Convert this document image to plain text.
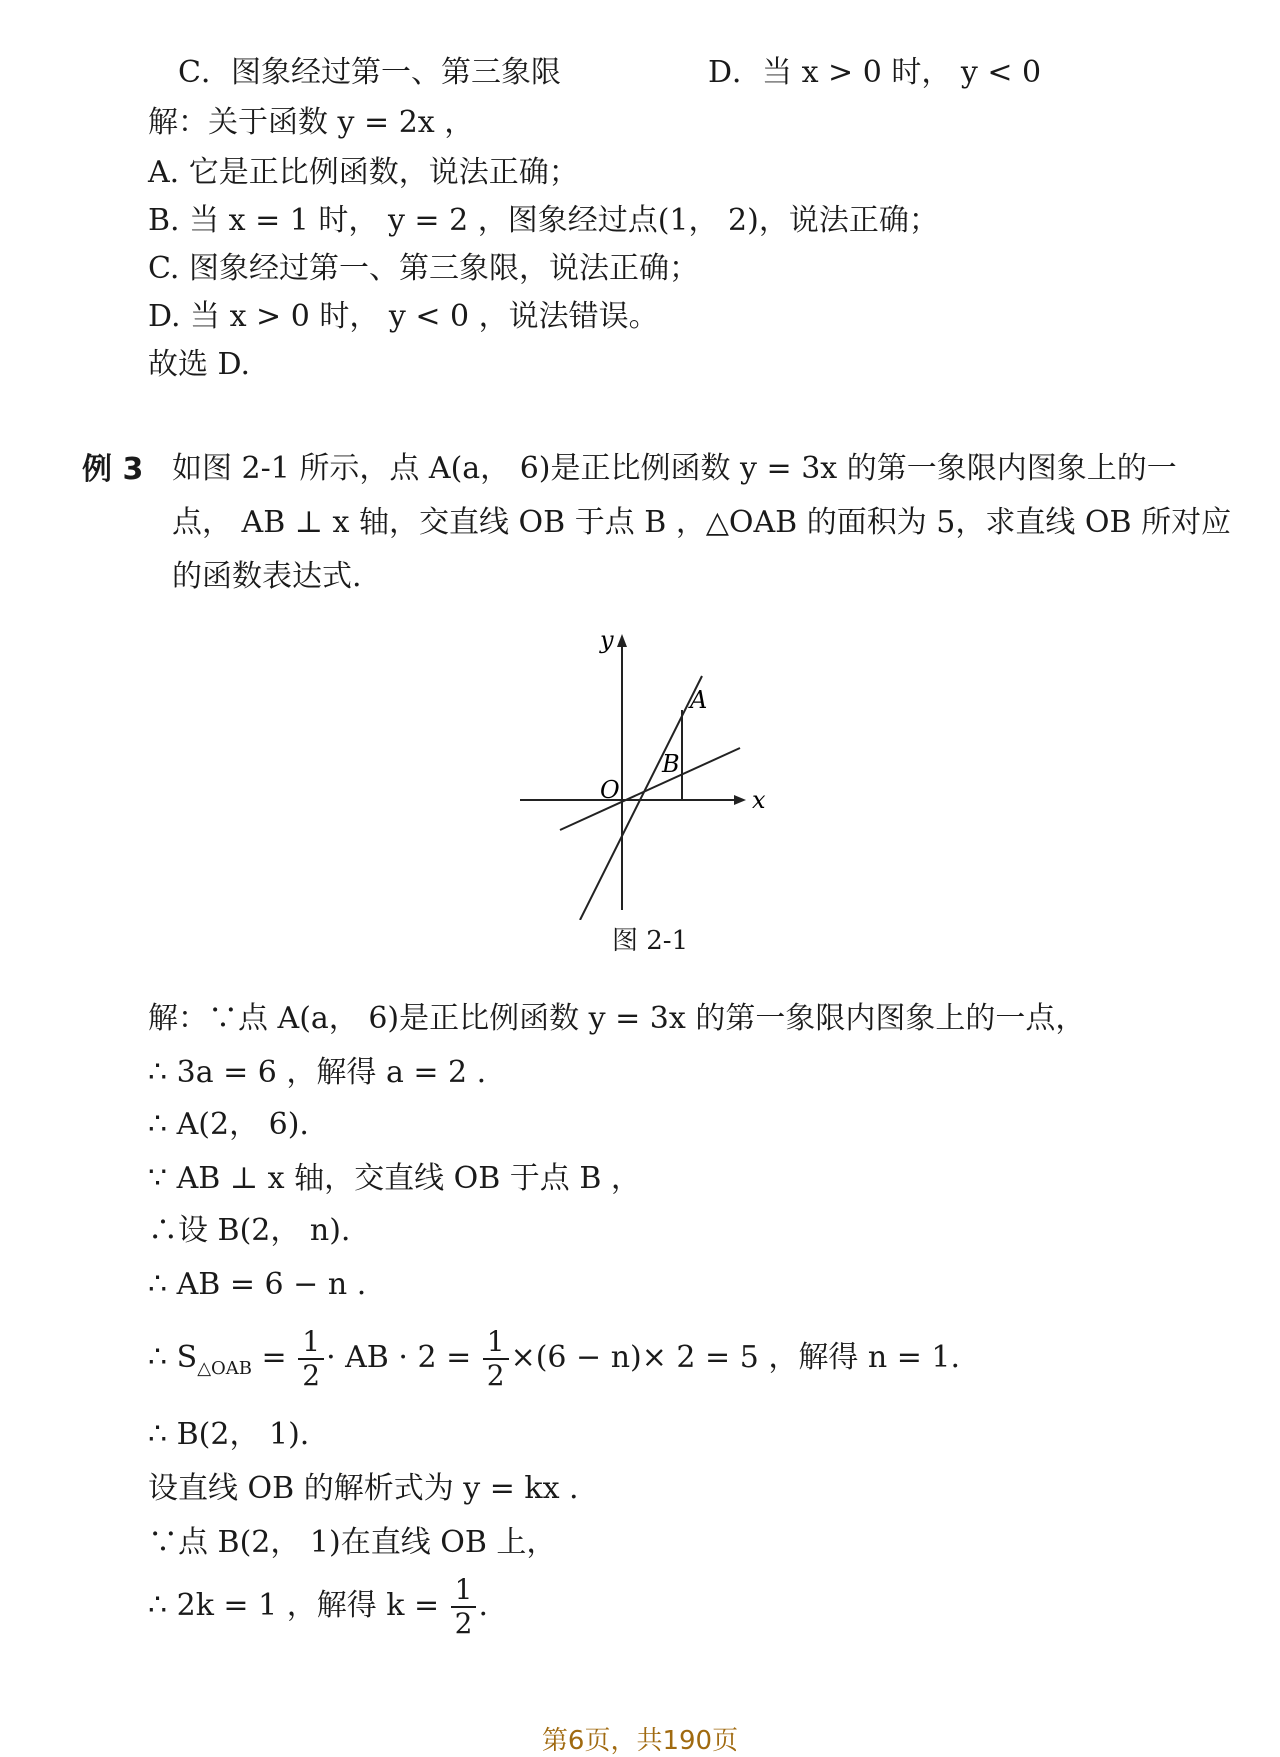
C．图象经过第一、第三象限	D．当 x > 0 时， y < 0
解：关于函数 y = 2x ，
A. 它是正比例函数，说法正确；
B. 当 x = 1 时， y = 2 ，图象经过点(1， 2)，说法正确；
C. 图象经过第一、第三象限，说法正确；
D. 当 x > 0 时， y < 0 ，说法错误。
故选 D.
例 3 如图 2-1 所示，点 A(a， 6)是正比例函数 y = 3x 的第一象限内图象上的一点， AB ⊥ x 轴，交直线 OB 于点 B ，△OAB 的面积为 5，求直线 OB 所对应的函数表达式.
y
x
O
A
B
图 2-1
解：∵点 A(a， 6)是正比例函数 y = 3x 的第一象限内图象上的一点，
∴ 3a = 6 ，解得 a = 2 .
∴ A(2， 6).
∵ AB ⊥ x 轴，交直线 OB 于点 B ，
∴设 B(2， n).
∴ AB = 6 − n .
∴ $S_{\triangle OAB} = \frac{1}{2}$ · AB · $2 = \frac{1}{2} \times(6 - n)\times 2 = 5$ ，解得 n = 1.
∴ B(2， 1).
设直线 OB 的解析式为 y = kx .
∵点 B(2， 1)在直线 OB 上，
∴ 2k = 1 ，解得 $k = \frac{1}{2}$ .
第6页，共190页
